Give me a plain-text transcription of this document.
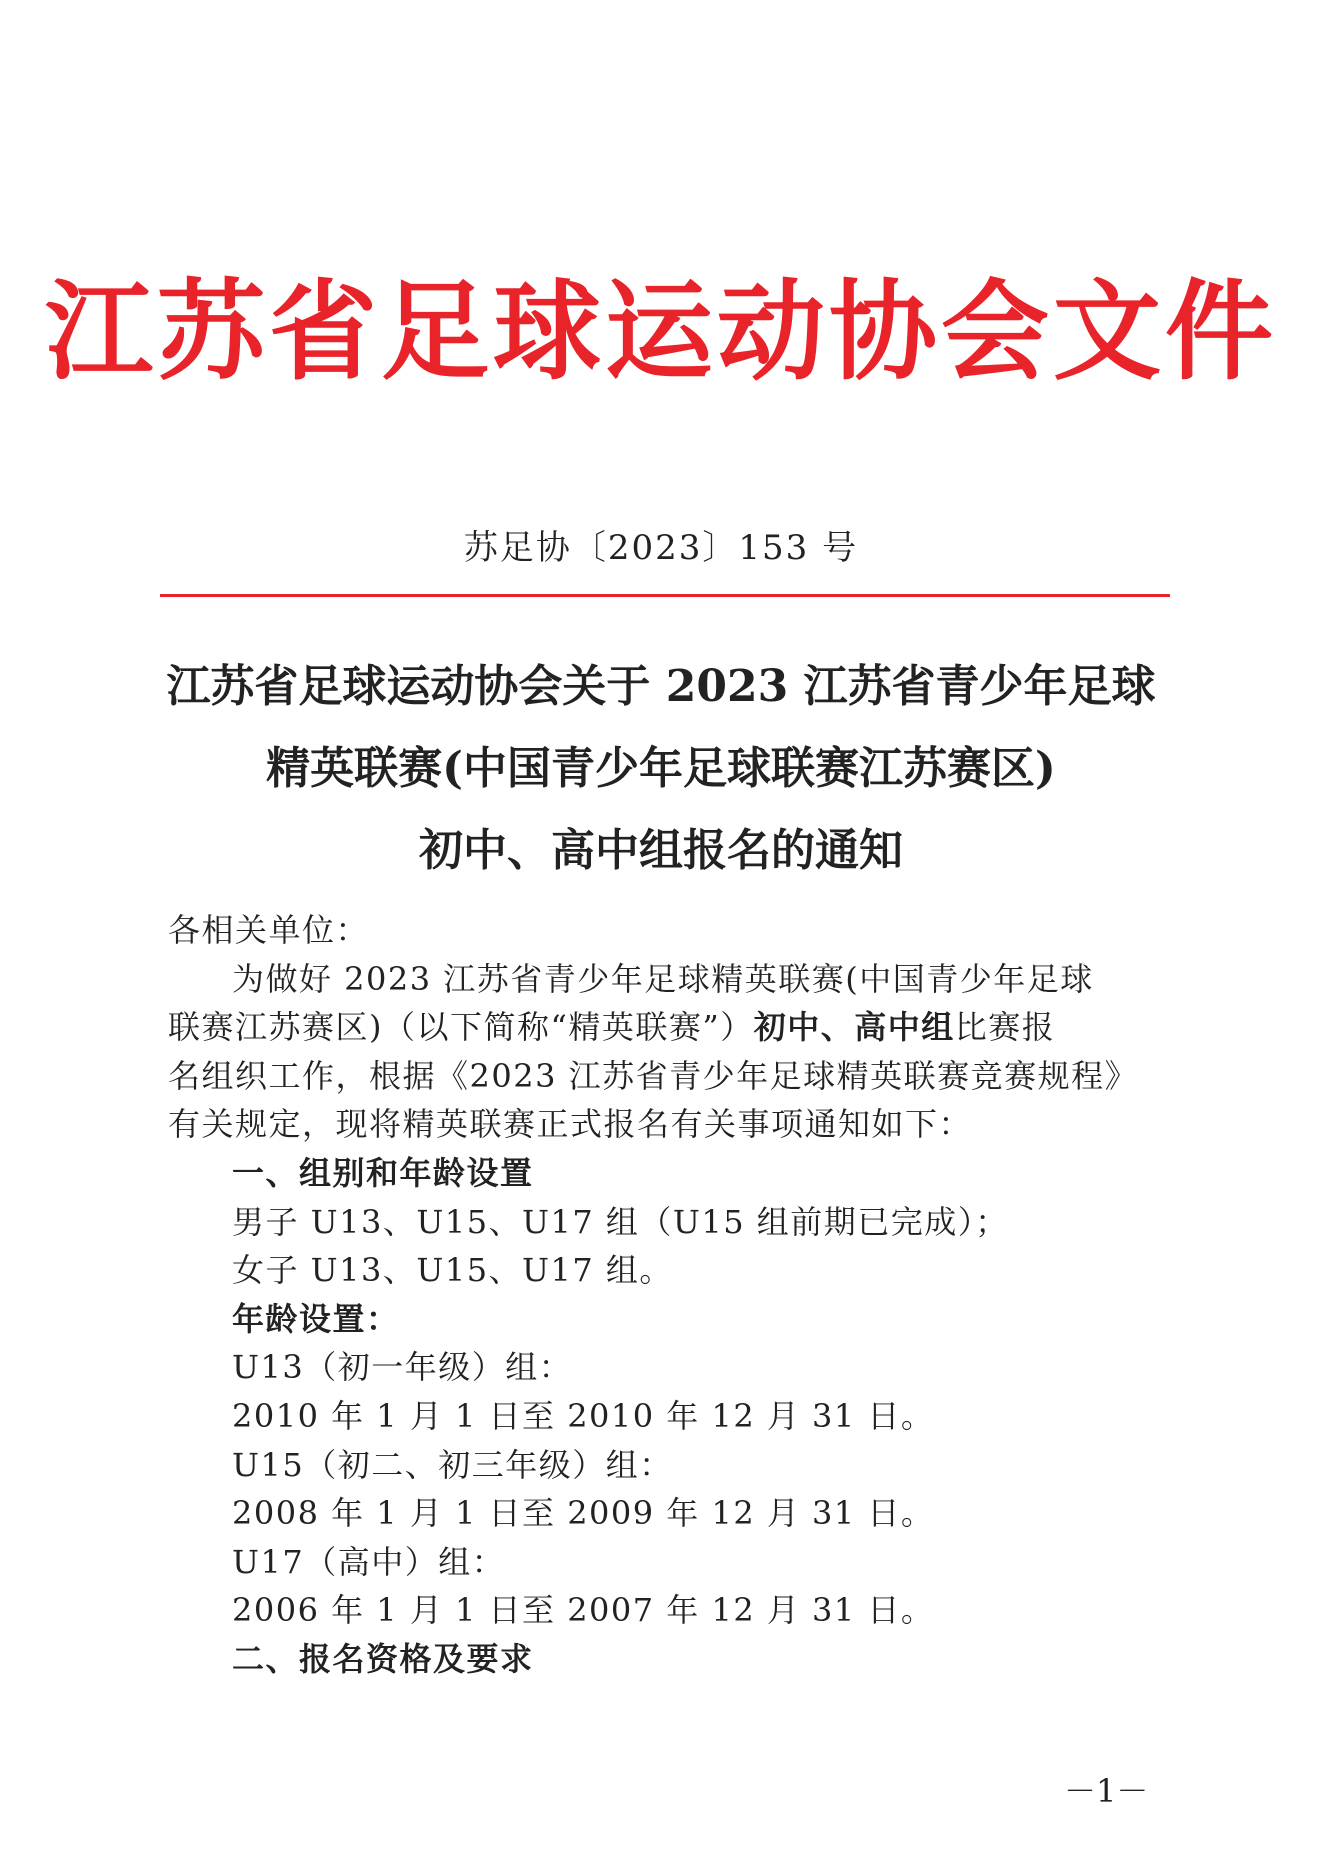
江苏省足球运动协会文件
苏足协〔2023〕153 号
江苏省足球运动协会关于 2023 江苏省青少年足球
精英联赛(中国青少年足球联赛江苏赛区)
初中、高中组报名的通知
各相关单位：
为做好 2023 江苏省青少年足球精英联赛(中国青少年足球
联赛江苏赛区)（以下简称“精英联赛”）初中、高中组比赛报
名组织工作，根据《2023 江苏省青少年足球精英联赛竞赛规程》
有关规定，现将精英联赛正式报名有关事项通知如下：
一、组别和年龄设置
男子 U13、U15、U17 组（U15 组前期已完成）；
女子 U13、U15、U17 组。
年龄设置：
U13（初一年级）组：
2010 年 1 月 1 日至 2010 年 12 月 31 日。
U15（初二、初三年级）组：
2008 年 1 月 1 日至 2009 年 12 月 31 日。
U17（高中）组：
2006 年 1 月 1 日至 2007 年 12 月 31 日。
二、报名资格及要求
－1－
